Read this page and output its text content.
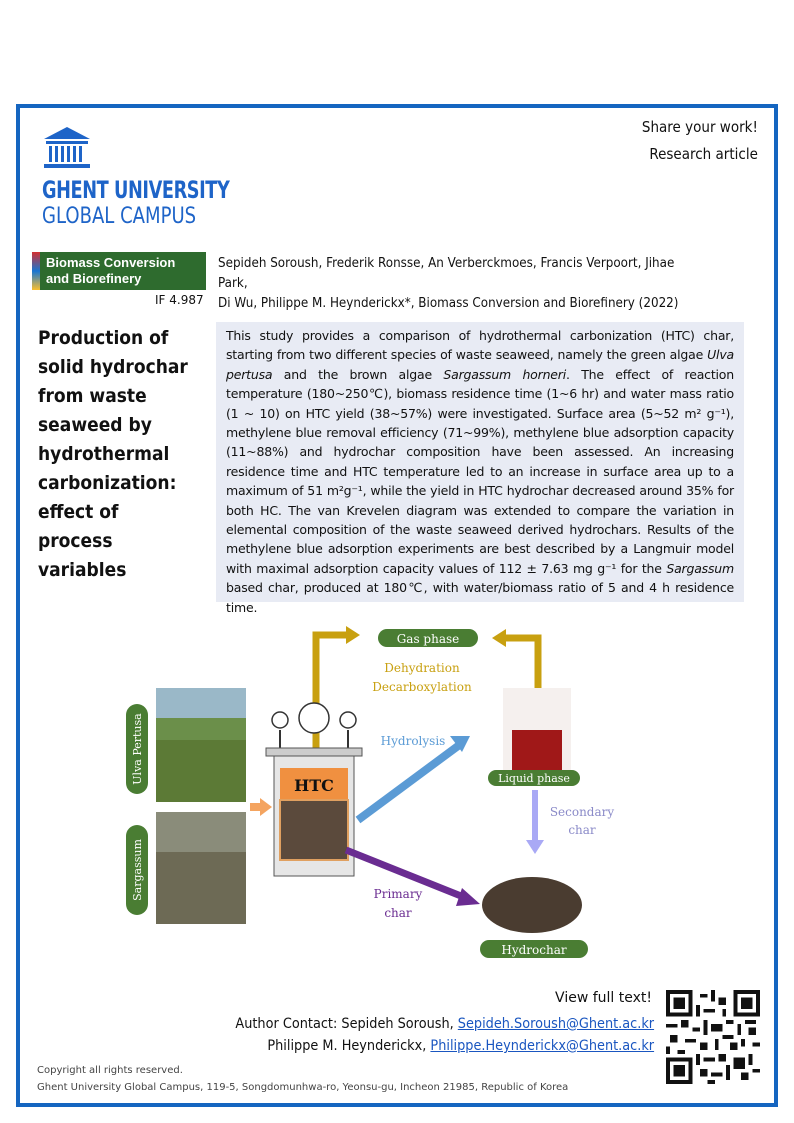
GHENT UNIVERSITY
GLOBAL CAMPUS
Share your work!
Research article
Biomass Conversion
and Biorefinery
IF 4.987
Sepideh Soroush, Frederik Ronsse, An Verberckmoes, Francis Verpoort, Jihae Park,
Di Wu, Philippe M. Heynderickx*, Biomass Conversion and Biorefinery (2022)
Production of solid hydrochar from waste seaweed by hydrothermal carbonization: effect of process variables

This study provides a comparison of hydrothermal carbonization (HTC) char, starting from two different species of waste seaweed, namely the green algae Ulva pertusa and the brown algae Sargassum horneri. The effect of reaction temperature (180~250℃), biomass residence time (1~6 hr) and water mass ratio (1 ~ 10) on HTC yield (38~57%) were investigated. Surface area (5~52 m² g⁻¹), methylene blue removal efficiency (71~99%), methylene blue adsorption capacity (11~88%) and hydrochar composition have been assessed. An increasing residence time and HTC temperature led to an increase in surface area up to a maximum of 51 m²g⁻¹, while the yield in HTC hydrochar decreased around 35% for both HC. The van Krevelen diagram was extended to compare the variation in elemental composition of the waste seaweed derived hydrochars. Results of the methylene blue adsorption experiments are best described by a Langmuir model with maximal adsorption capacity values of 112 ± 7.63 mg g⁻¹ for the Sargassum based char, produced at 180℃, with water/biomass ratio of 5 and 4 h residence time.

Gas phase
Dehydration
Decarboxylation
Ulva Pertusa
Sargassum
HTC
Hydrolysis
Liquid phase
Secondary
char
Primary
char
Hydrochar
View full text!
Author Contact: Sepideh Soroush, Sepideh.Soroush@Ghent.ac.kr
Philippe M. Heynderickx, Philippe.Heynderickx@Ghent.ac.kr
Copyright all rights reserved.
Ghent University Global Campus, 119-5, Songdomunhwa-ro, Yeonsu-gu, Incheon 21985, Republic of Korea
